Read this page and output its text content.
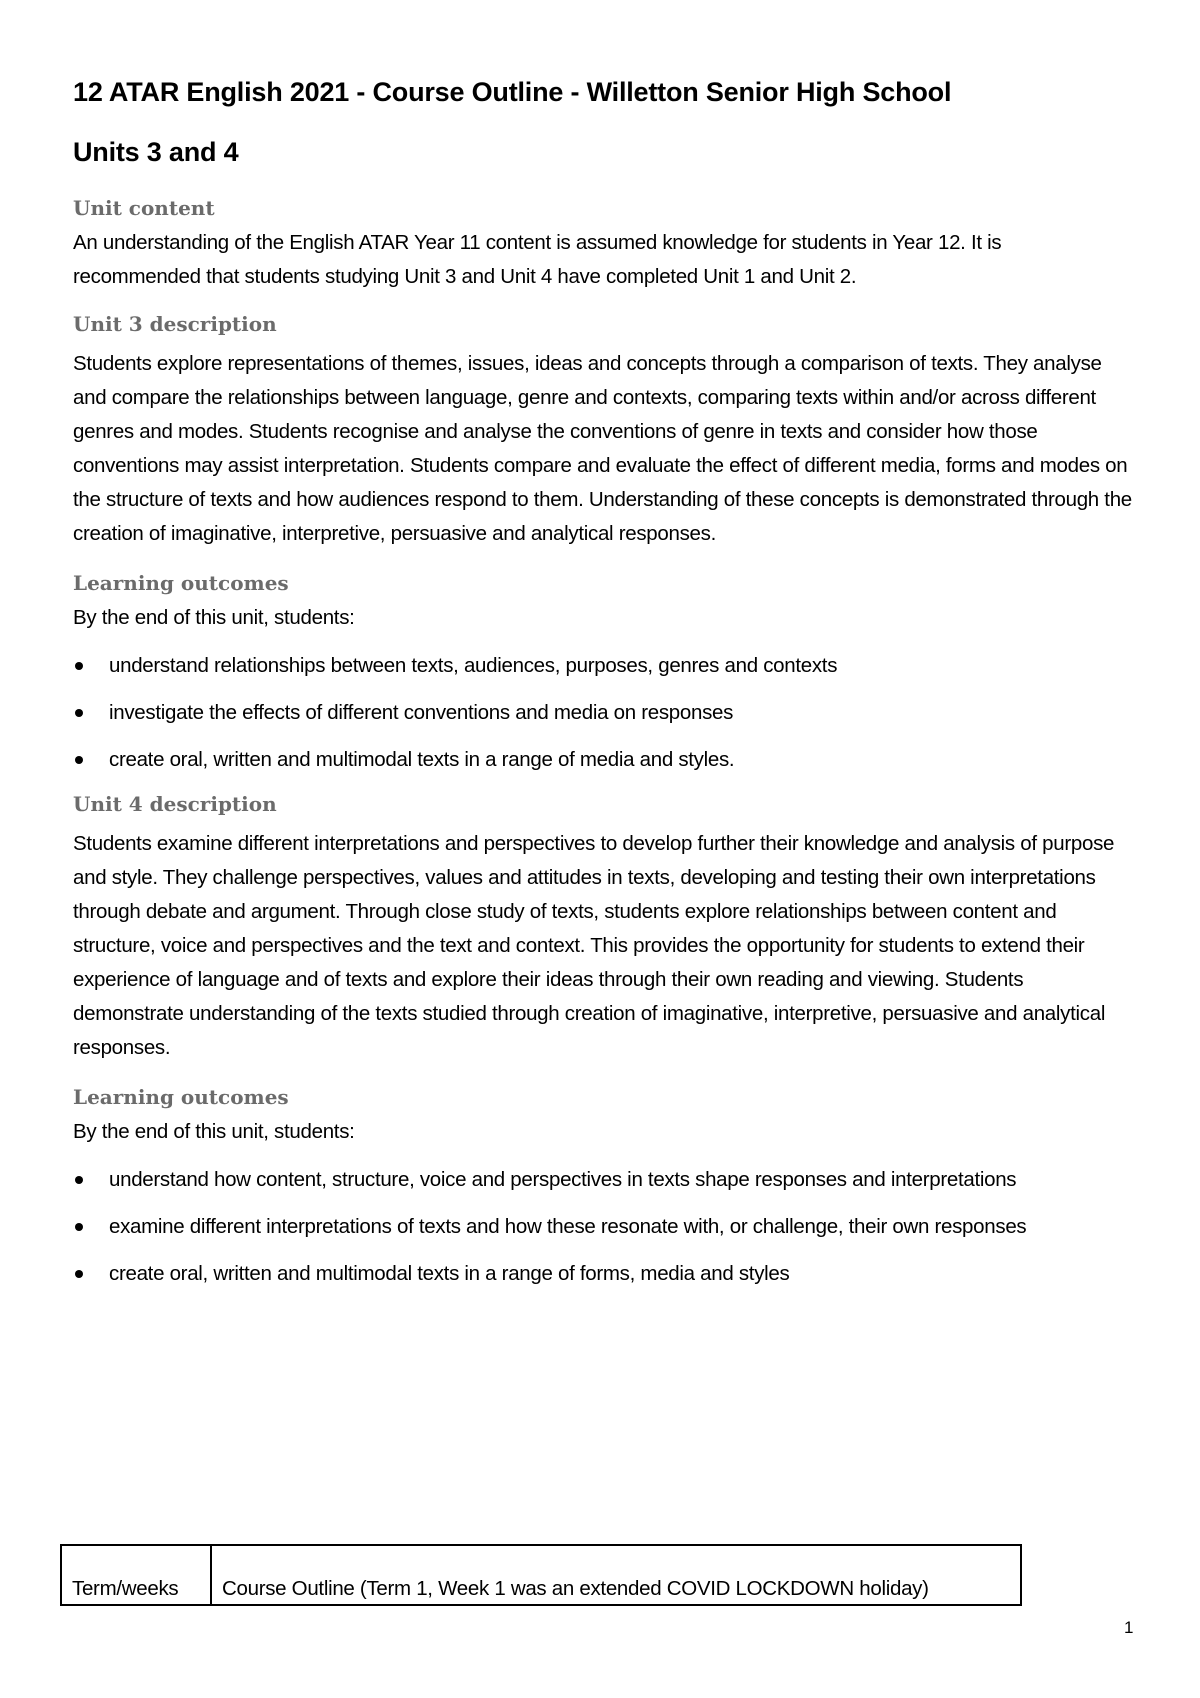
12 ATAR English 2021 - Course Outline - Willetton Senior High School
Units 3 and 4
Unit content

An understanding of the English ATAR Year 11 content is assumed knowledge for students in Year 12. It is recommended that students studying Unit 3 and Unit 4 have completed Unit 1 and Unit 2.

Unit 3 description

Students explore representations of themes, issues, ideas and concepts through a comparison of texts. They analyse and compare the relationships between language, genre and contexts, comparing texts within and/or across different genres and modes. Students recognise and analyse the conventions of genre in texts and consider how those conventions may assist interpretation. Students compare and evaluate the effect of different media, forms and modes on the structure of texts and how audiences respond to them. Understanding of these concepts is demonstrated through the creation of imaginative, interpretive, persuasive and analytical responses.

Learning outcomes

By the end of this unit, students:

understand relationships between texts, audiences, purposes, genres and contexts
investigate the effects of different conventions and media on responses
create oral, written and multimodal texts in a range of media and styles.
Unit 4 description

Students examine different interpretations and perspectives to develop further their knowledge and analysis of purpose and style. They challenge perspectives, values and attitudes in texts, developing and testing their own interpretations through debate and argument. Through close study of texts, students explore relationships between content and structure, voice and perspectives and the text and context. This provides the opportunity for students to extend their experience of language and of texts and explore their ideas through their own reading and viewing. Students demonstrate understanding of the texts studied through creation of imaginative, interpretive, persuasive and analytical responses.

Learning outcomes

By the end of this unit, students:

understand how content, structure, voice and perspectives in texts shape responses and interpretations
examine different interpretations of texts and how these resonate with, or challenge, their own responses
create oral, written and multimodal texts in a range of forms, media and styles
Term/weeks	Course Outline (Term 1, Week 1 was an extended COVID LOCKDOWN holiday)
1
